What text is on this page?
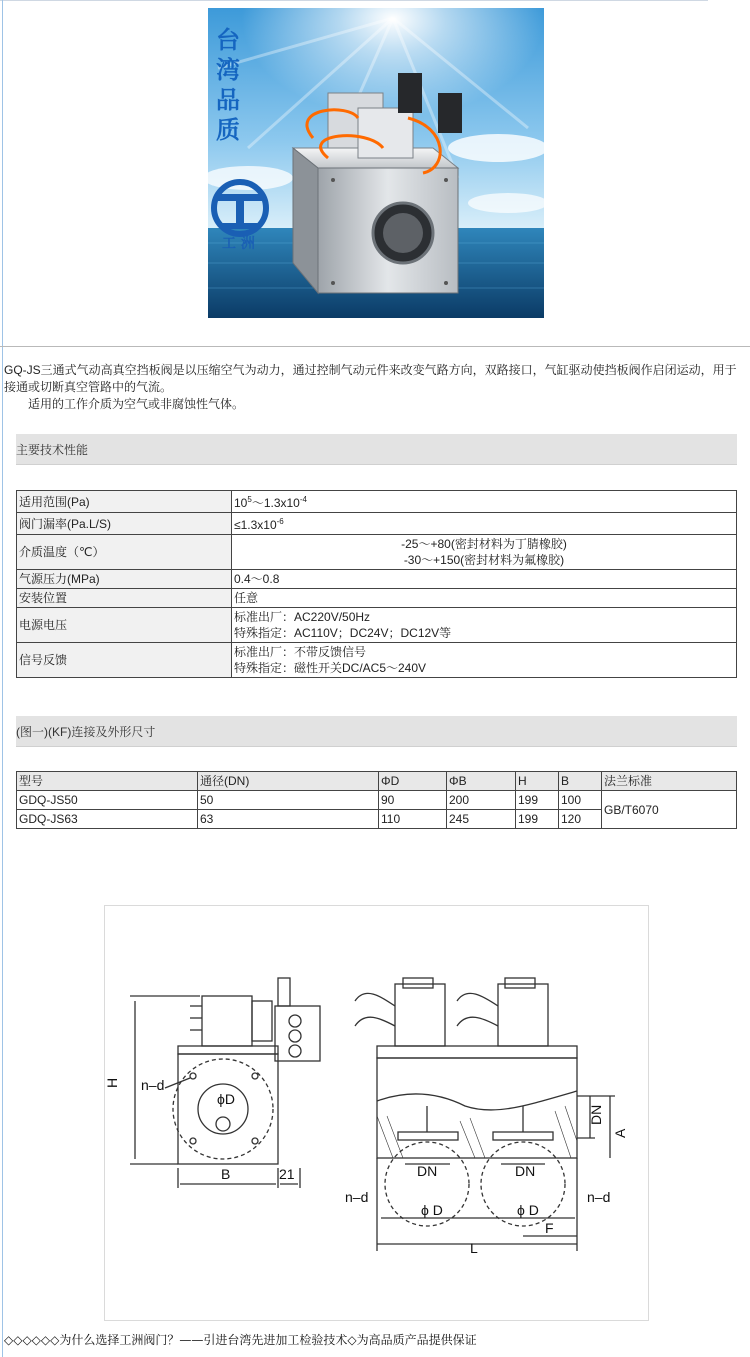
台
湾
品
质
工 洲

GQ-JS三通式气动高真空挡板阀是以压缩空气为动力，通过控制气动元件来改变气路方向，双路接口，气缸驱动使挡板阀作启闭运动，用于接通或切断真空管路中的气流。

适用的工作介质为空气或非腐蚀性气体。

主要技术性能
适用范围(Pa)	$10^5\sim 1.3x10^{-4}$
阀门漏率(Pa.L/S)	$\le 1.3x10^{-6}$
介质温度（℃）	-25～+80(密封材料为丁腈橡胶)
-30～+150(密封材料为氟橡胶)

气源压力(MPa)	0.4～0.8
安装位置	任意
电源电压	标准出厂：AC220V/50Hz
特殊指定：AC110V；DC24V；DC12V等

信号反馈	标准出厂：不带反馈信号
特殊指定：磁性开关DC/AC5～240V
(图一)(KF)连接及外形尺寸
型号	通径(DN)	ΦD	ΦB	H	B	法兰标准
GDQ-JS50	50	90	200	199	100	GB/T6070
GDQ-JS63	63	110	245	199	120	
H n–d
ϕD
B	21	DN	DN
DN
A
n–d	n–d
ϕ D	ϕ D
F
L
◇◇◇◇◇◇为什么选择工洲阀门？——引进台湾先进加工检验技术◇为高品质产品提供保证
